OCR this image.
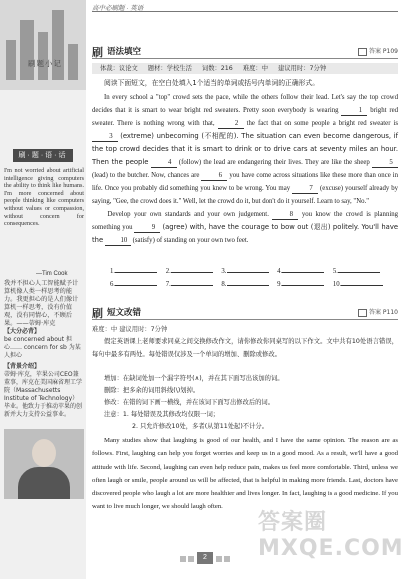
刷题小记
刷·题·语·话
I'm not worried about artificial intelligence giving computers the ability to think like humans. I'm more concerned about people thinking like computers without values or compassion, without concern for consequences.
—Tim Cook
我并不担心人工智能赋予计算机像人类一样思考的能力。我更担心的是人们像计算机一样思考，没有价值观，没有同情心，不顾后果。——蒂姆·库克
【大分必背】
be concerned about 担心…… concern for sb 为某人担心
【背景介绍】
蒂姆·库克，苹果公司CEO兼董事，库克在美国麻省理工学院（Massachusetts Institute of Technology）毕业。他致力于推动苹果的创新并大力支持公益事业。
高中必刷题 · 英语
刷 语法填空	答案 P109
体裁：议论文 题材：学校生活 词数：216 难度：中 建议用时：7分钟
阅读下面短文，在空白处填入1个适当的单词或括号内单词的正确形式。
In every school a "top" crowd sets the pace, while the others follow their lead. Let's say the top crowd decides that it is smart to wear bright red sweaters. Pretty soon everybody is wearing	1 bright red sweater. There is nothing wrong with that,	2 the fact that on some people a bright red sweater is 3 (extreme) unbecoming (不相配的). The situation can even become dangerous, if the top crowd decides that it is smart to drink or to drive cars at seventy miles an hour. Then the people	4 (follow) the lead are endangering their lives. They are like the sheep	5 (lead) to the butcher. Now, chances are	6 you have come across situations like these more than once in life. Once you probably did something you knew to be wrong. You may	7 (excuse) yourself already by saying, "Gee, the crowd does it." Well, let the crowd do it, but don't do it yourself. Learn to say, "No."
Develop your own standards and your own judgement.	8 you know the crowd is planning something you	9 (agree) with, have the courage to bow out (退出) politely. You'll have the	10 (satisfy) of standing on your own two feet.
1.	2.	3.	4.	5.
6.	7.	8.	9.	10.
刷 短文改错	答案 P110
难度：中 建议用时：7分钟
假定英语课上老师要求同桌之间交换修改作文，请你修改你同桌写的以下作文。文中共有10处语言错误，每句中最多有两处。每处错误仅涉及一个单词的增加、删除或修改。
增加：在缺词处加一个漏字符号(∧)，并在其下面写出该加的词。
删除：把多余的词用斜线(\)划掉。
修改：在错的词下画一横线，并在该词下面写出修改后的词。
注意：1. 每处错误及其修改均仅限一词；
2. 只允许修改10处，多者(从第11处起)不计分。
Many studies show that laughing is good of our health, and I have the same opinion. The reason are as follows. First, laughing can help you forget worries and keep us in a good mood. As a result, we'll have a good attitude with life. Second, laughing can even help reduce pain, makes us feel more comfortable. Third, unless we often laugh or smile, people around us will be affected, that is helpful in making more friends. Last, doctors have discovered people who laugh a lot are more healthier and lives longer. In fact, laughing is a good medicine. If you want to live much longer, we should laugh often.
2
答案圈 MXQE.COM
